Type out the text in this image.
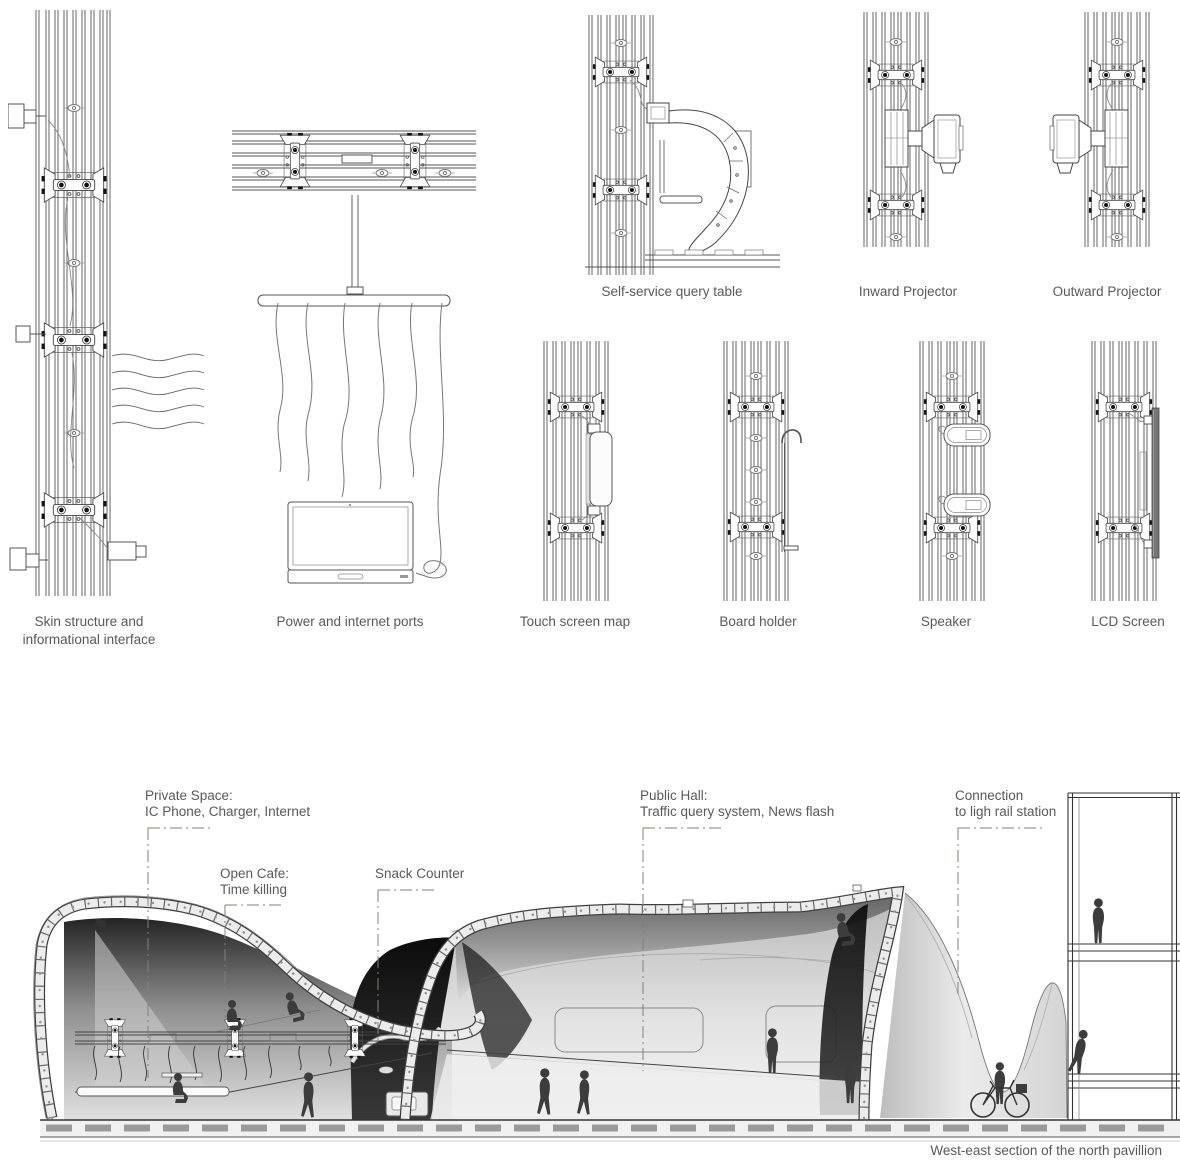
Self-service query table	Inward Projector	Outward Projector
Skin structure and
informational interface
Power and internet ports	Touch screen map	Board holder	Speaker	LCD Screen
Private Space:
IC Phone, Charger, Internet
Open Cafe:
Time killing
Snack Counter
Public Hall:
Traffic query system, News flash
Connection
to ligh rail station
West-east section of the north pavillion
